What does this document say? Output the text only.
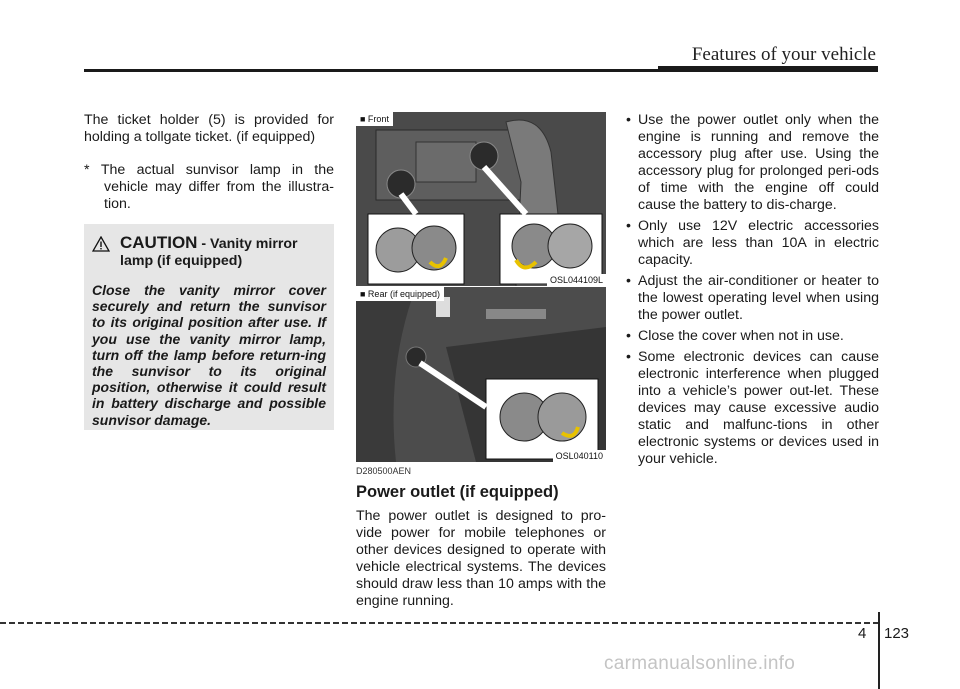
Features of your vehicle

The ticket holder (5) is provided for holding a tollgate ticket. (if equipped)

* The actual sunvisor lamp in the vehicle may differ from the illustra-tion.

CAUTION - Vanity mirror lamp (if equipped)
Close the vanity mirror cover securely and return the sunvisor to its original position after use. If you use the vanity mirror lamp, turn off the lamp before return-ing the sunvisor to its original position, otherwise it could result in battery discharge and possible sunvisor damage.
■ Front
OSL044109L
■ Rear (if equipped)
OSL040110

D280500AEN

Power outlet (if equipped)

The power outlet is designed to pro-vide power for mobile telephones or other devices designed to operate with vehicle electrical systems. The devices should draw less than 10 amps with the engine running.

• Use the power outlet only when the engine is running and remove the accessory plug after use. Using the accessory plug for prolonged peri-ods of time with the engine off could cause the battery to dis-charge.
• Only use 12V electric accessories which are less than 10A in electric capacity.
• Adjust the air-conditioner or heater to the lowest operating level when using the power outlet.
• Close the cover when not in use.
• Some electronic devices can cause electronic interference when plugged into a vehicle’s power out-let. These devices may cause excessive audio static and malfunc-tions in other electronic systems or devices used in your vehicle.
4 123
carmanualsonline.info
